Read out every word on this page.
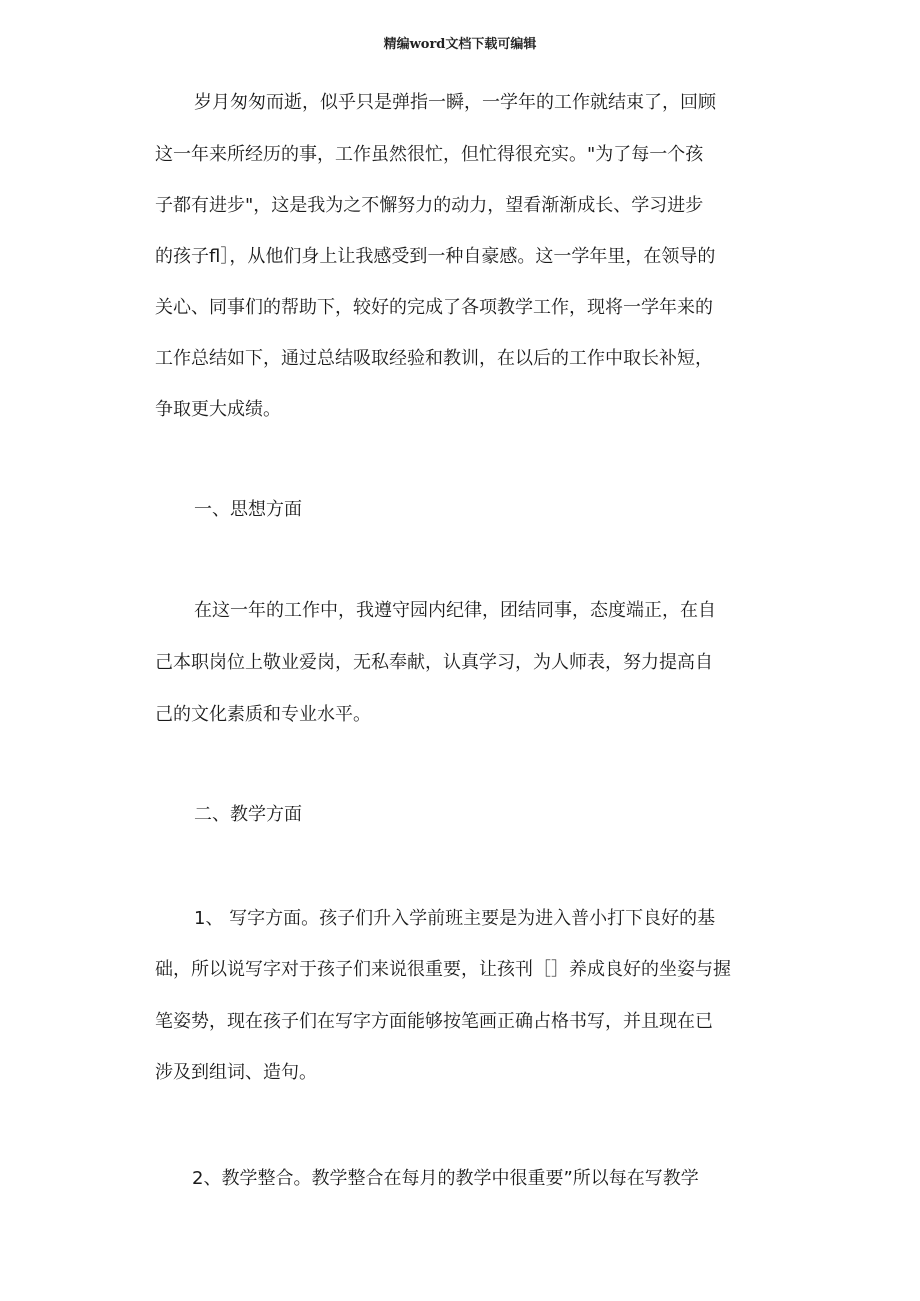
精编word文档下载可编辑
岁月匆匆而逝，似乎只是弹指一瞬，一学年的工作就结束了，回顾
这一年来所经历的事，工作虽然很忙，但忙得很充实。"为了每一个孩
子都有进步"，这是我为之不懈努力的动力，望看渐渐成长、学习进步
的孩子fl］，从他们身上让我感受到一种自豪感。这一学年里，在领导的
关心、同事们的帮助下，较好的完成了各项教学工作，现将一学年来的
工作总结如下，通过总结吸取经验和教训，在以后的工作中取长补短，
争取更大成绩。
一、思想方面
在这一年的工作中，我遵守园内纪律，团结同事，态度端正，在自
己本职岗位上敬业爱岗，无私奉献，认真学习，为人师表，努力提高自
己的文化素质和专业水平。
二、教学方面
1、 写字方面。孩子们升入学前班主要是为进入普小打下良好的基
础，所以说写字对于孩子们来说很重要，让孩刊［］养成良好的坐姿与握
笔姿势，现在孩子们在写字方面能够按笔画正确占格书写，并且现在已
涉及到组词、造句。
2、教学整合。教学整合在每月的教学中很重要”所以每在写教学
